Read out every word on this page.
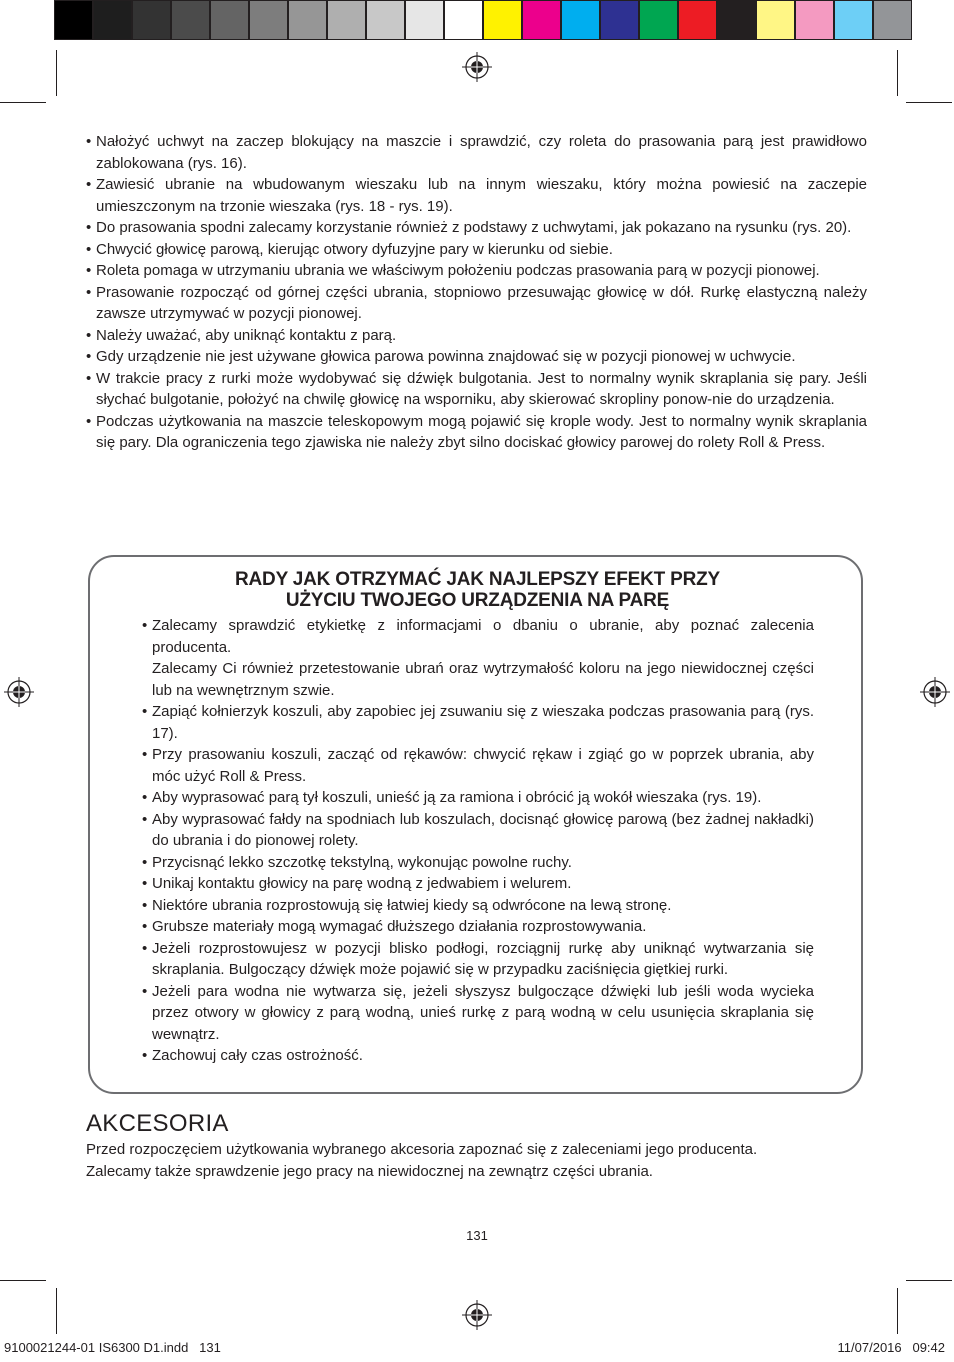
• Nałożyć uchwyt na zaczep blokujący na maszcie i sprawdzić, czy roleta do prasowania parą jest prawidłowo zablokowana (rys. 16).
• Zawiesić ubranie na wbudowanym wieszaku lub na innym wieszaku, który można powiesić na zaczepie umieszczonym na trzonie wieszaka (rys. 18 - rys. 19).
• Do prasowania spodni zalecamy korzystanie również z podstawy z uchwytami, jak pokazano na rysunku (rys. 20).
• Chwycić głowicę parową, kierując otwory dyfuzyjne pary w kierunku od siebie.
• Roleta pomaga w utrzymaniu ubrania we właściwym położeniu podczas prasowania parą w pozycji pionowej.
• Prasowanie rozpocząć od górnej części ubrania, stopniowo przesuwając głowicę w dół. Rurkę elastyczną należy zawsze utrzymywać w pozycji pionowej.
• Należy uważać, aby uniknąć kontaktu z parą.
• Gdy urządzenie nie jest używane głowica parowa powinna znajdować się w pozycji pionowej w uchwycie.
• W trakcie pracy z rurki może wydobywać się dźwięk bulgotania. Jest to normalny wynik skraplania się pary. Jeśli słychać bulgotanie, położyć na chwilę głowicę na wsporniku, aby skierować skropliny ponow-nie do urządzenia.
• Podczas użytkowania na maszcie teleskopowym mogą pojawić się krople wody. Jest to normalny wynik skraplania się pary. Dla ograniczenia tego zjawiska nie należy zbyt silno dociskać głowicy parowej do rolety Roll & Press.
RADY JAK OTRZYMAĆ JAK NAJLEPSZY EFEKT PRZY
UŻYCIU TWOJEGO URZĄDZENIA NA PARĘ
• Zalecamy sprawdzić etykietkę z informacjami o dbaniu o ubranie, aby poznać zalecenia producenta.
Zalecamy Ci również przetestowanie ubrań oraz wytrzymałość koloru na jego niewidocznej części lub na wewnętrznym szwie.
• Zapiąć kołnierzyk koszuli, aby zapobiec jej zsuwaniu się z wieszaka podczas prasowania parą (rys. 17).
• Przy prasowaniu koszuli, zacząć od rękawów: chwycić rękaw i zgiąć go w poprzek ubrania, aby móc użyć Roll & Press.
• Aby wyprasować parą tył koszuli, unieść ją za ramiona i obrócić ją wokół wieszaka (rys. 19).
• Aby wyprasować fałdy na spodniach lub koszulach, docisnąć głowicę parową (bez żadnej nakładki) do ubrania i do pionowej rolety.
• Przycisnąć lekko szczotkę tekstylną, wykonując powolne ruchy.
• Unikaj kontaktu głowicy na parę wodną z jedwabiem i welurem.
• Niektóre ubrania rozprostowują się łatwiej kiedy są odwrócone na lewą stronę.
• Grubsze materiały mogą wymagać dłuższego działania rozprostowywania.
• Jeżeli rozprostowujesz w pozycji blisko podłogi, rozciągnij rurkę aby uniknąć wytwarzania się skraplania. Bulgoczący dźwięk może pojawić się w przypadku zaciśnięcia giętkiej rurki.
• Jeżeli para wodna nie wytwarza się, jeżeli słyszysz bulgoczące dźwięki lub jeśli woda wycieka przez otwory w głowicy z parą wodną, unieś rurkę z parą wodną w celu usunięcia skraplania się wewnątrz.
• Zachowuj cały czas ostrożność.
AKCESORIA
Przed rozpoczęciem użytkowania wybranego akcesoria zapoznać się z zaleceniami jego producenta.
Zalecamy także sprawdzenie jego pracy na niewidocznej na zewnątrz części ubrania.
131
9100021244-01 IS6300 D1.indd   131	11/07/2016   09:42
